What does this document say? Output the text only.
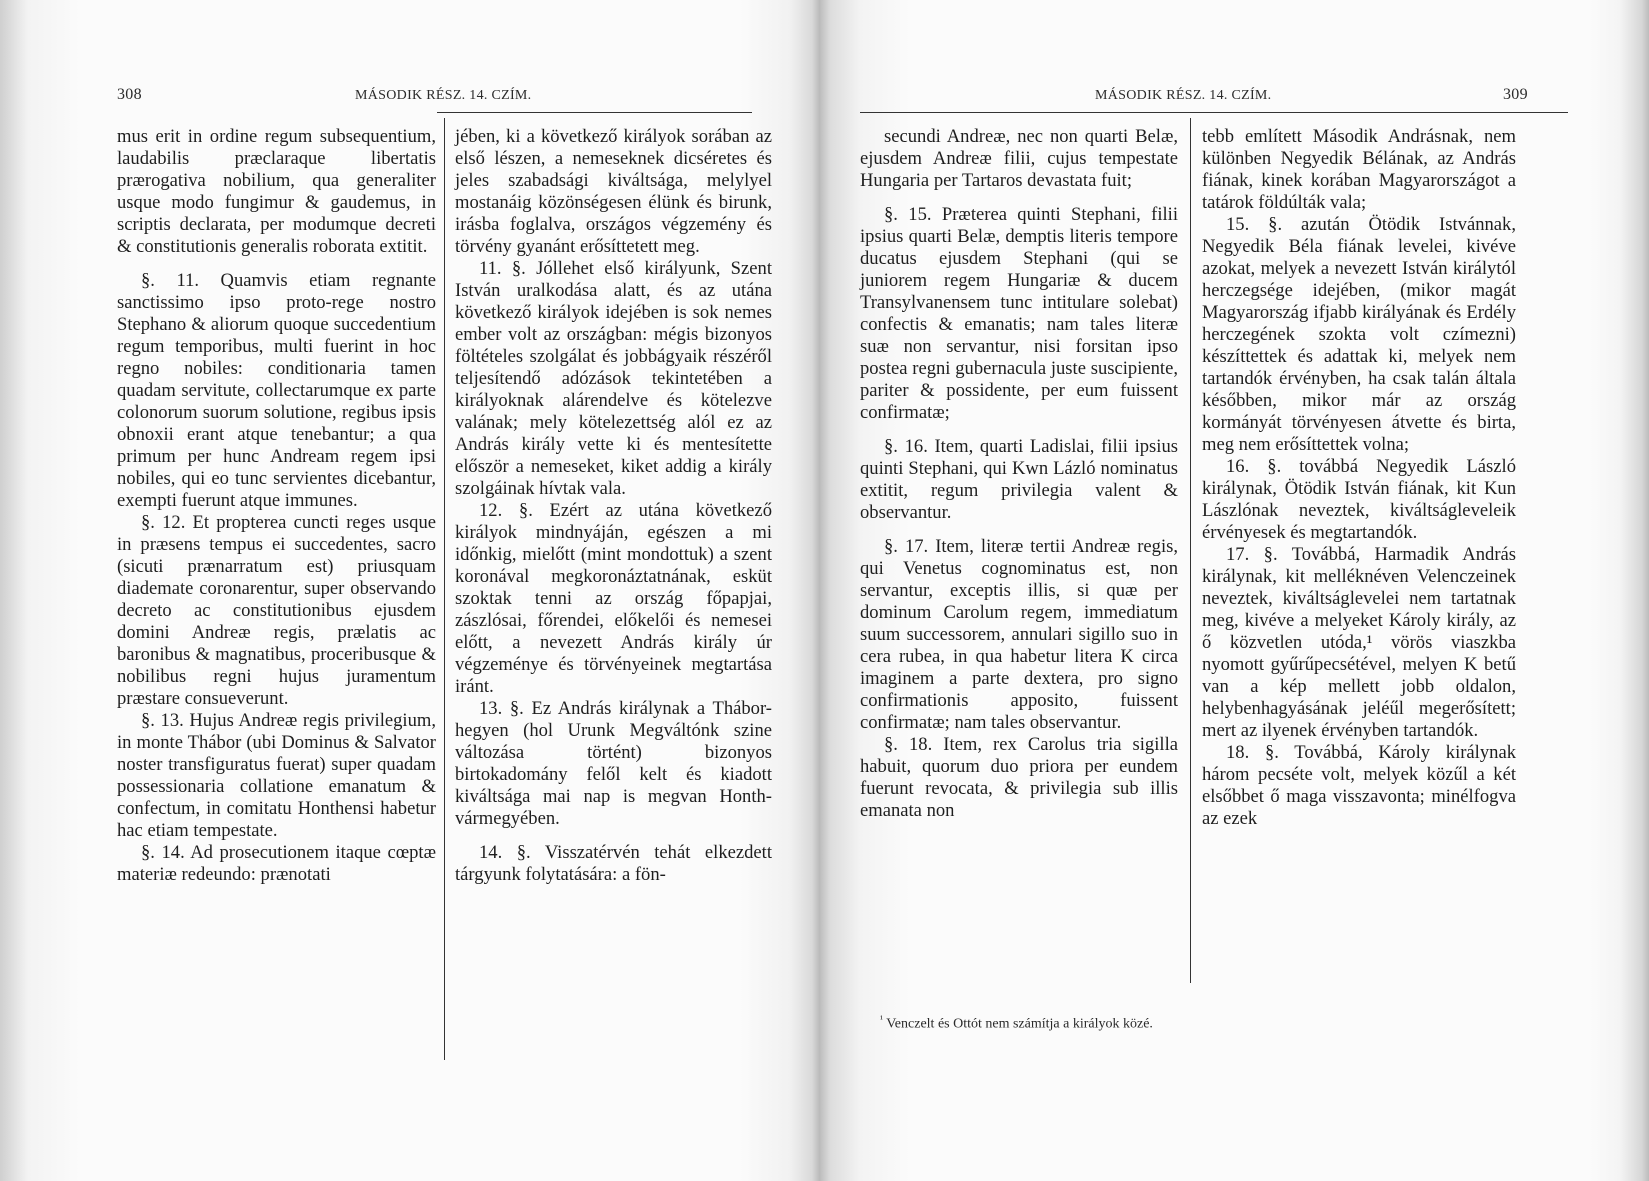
308	MÁSODIK RÉSZ. 14. CZÍM.

mus erit in ordine regum subsequentium, laudabilis præclaraque libertatis prærogativa nobilium, qua generaliter usque modo fungimur & gaudemus, in scriptis declarata, per modumque decreti & constitutionis generalis roborata extitit.

§. 11. Quamvis etiam regnante sanctissimo ipso proto-rege nostro Stephano & aliorum quoque succedentium regum temporibus, multi fuerint in hoc regno nobiles: conditionaria tamen quadam servitute, collectarumque ex parte colonorum suorum solutione, regibus ipsis obnoxii erant atque tenebantur; a qua primum per hunc Andream regem ipsi nobiles, qui eo tunc servientes dicebantur, exempti fuerunt atque immunes.

§. 12. Et propterea cuncti reges usque in præsens tempus ei succedentes, sacro (sicuti prænarratum est) priusquam diademate coronarentur, super observando decreto ac constitutionibus ejusdem domini Andreæ regis, prælatis ac baronibus & magnatibus, proceribusque & nobilibus regni hujus juramentum præstare consueverunt.

§. 13. Hujus Andreæ regis privilegium, in monte Thábor (ubi Dominus & Salvator noster transfiguratus fuerat) super quadam possessionaria collatione emanatum & confectum, in comitatu Honthensi habetur hac etiam tempestate.

§. 14. Ad prosecutionem itaque cœptæ materiæ redeundo: prænotati

jében, ki a következő királyok sorában az első lészen, a nemeseknek dicséretes és jeles szabadsági kiváltsága, melylyel mostanáig közönségesen élünk és birunk, irásba foglalva, országos végzemény és törvény gyanánt erősíttetett meg.

11. §. Jóllehet első királyunk, Szent István uralkodása alatt, és az utána következő királyok idejében is sok nemes ember volt az országban: mégis bizonyos föltételes szolgálat és jobbágyaik részéről teljesítendő adózások tekintetében a királyoknak alárendelve és kötelezve valának; mely kötelezettség alól ez az András király vette ki és mentesítette először a nemeseket, kiket addig a király szolgáinak hívtak vala.

12. §. Ezért az utána következő királyok mindnyáján, egészen a mi időnkig, mielőtt (mint mondottuk) a szent koronával megkoronáztatnának, esküt szoktak tenni az ország főpapjai, zászlósai, főrendei, előkelői és nemesei előtt, a nevezett András király úr végzeménye és törvényeinek megtartása iránt.

13. §. Ez András királynak a Thábor-hegyen (hol Urunk Megváltónk szine változása történt) bizonyos birtokadomány felől kelt és kiadott kiváltsága mai nap is megvan Honth-vármegyében.

14. §. Visszatérvén tehát elkezdett tárgyunk folytatására: a fön-

MÁSODIK RÉSZ. 14. CZÍM.	309

secundi Andreæ, nec non quarti Belæ, ejusdem Andreæ filii, cujus tempestate Hungaria per Tartaros devastata fuit;

§. 15. Præterea quinti Stephani, filii ipsius quarti Belæ, demptis literis tempore ducatus ejusdem Stephani (qui se juniorem regem Hungariæ & ducem Transylvanensem tunc intitulare solebat) confectis & emanatis; nam tales literæ suæ non servantur, nisi forsitan ipso postea regni gubernacula juste suscipiente, pariter & possidente, per eum fuissent confirmatæ;

§. 16. Item, quarti Ladislai, filii ipsius quinti Stephani, qui Kwn Lázló nominatus extitit, regum privilegia valent & observantur.

§. 17. Item, literæ tertii Andreæ regis, qui Venetus cognominatus est, non servantur, exceptis illis, si quæ per dominum Carolum regem, immediatum suum successorem, annulari sigillo suo in cera rubea, in qua habetur litera K circa imaginem a parte dextera, pro signo confirmationis apposito, fuissent confirmatæ; nam tales observantur.

§. 18. Item, rex Carolus tria sigilla habuit, quorum duo priora per eundem fuerunt revocata, & privilegia sub illis emanata non

tebb említett Második Andrásnak, nem különben Negyedik Bélának, az András fiának, kinek korában Magyarországot a tatárok földúlták vala;

15. §. azután Ötödik Istvánnak, Negyedik Béla fiának levelei, kivéve azokat, melyek a nevezett István királytól herczegsége idejében, (mikor magát Magyarország ifjabb királyának és Erdély herczegének szokta volt czímezni) készíttettek és adattak ki, melyek nem tartandók érvényben, ha csak talán általa későbben, mikor már az ország kormányát törvényesen átvette és birta, meg nem erősíttettek volna;

16. §. továbbá Negyedik László királynak, Ötödik István fiának, kit Kun Lászlónak neveztek, kiváltságleveleik érvényesek és megtartandók.

17. §. Továbbá, Harmadik András királynak, kit melléknéven Velenczeinek neveztek, kiváltságlevelei nem tartatnak meg, kivéve a melyeket Károly király, az ő közvetlen utóda,¹ vörös viaszkba nyomott gyűrűpecsétével, melyen K betű van a kép mellett jobb oldalon, helybenhagyásának jeléűl megerősített; mert az ilyenek érvényben tartandók.

18. §. Továbbá, Károly királynak három pecséte volt, melyek közűl a két elsőbbet ő maga visszavonta; minélfogva az ezek

$^{^1}$ Venczelt és Ottót nem számítja a királyok közé.
